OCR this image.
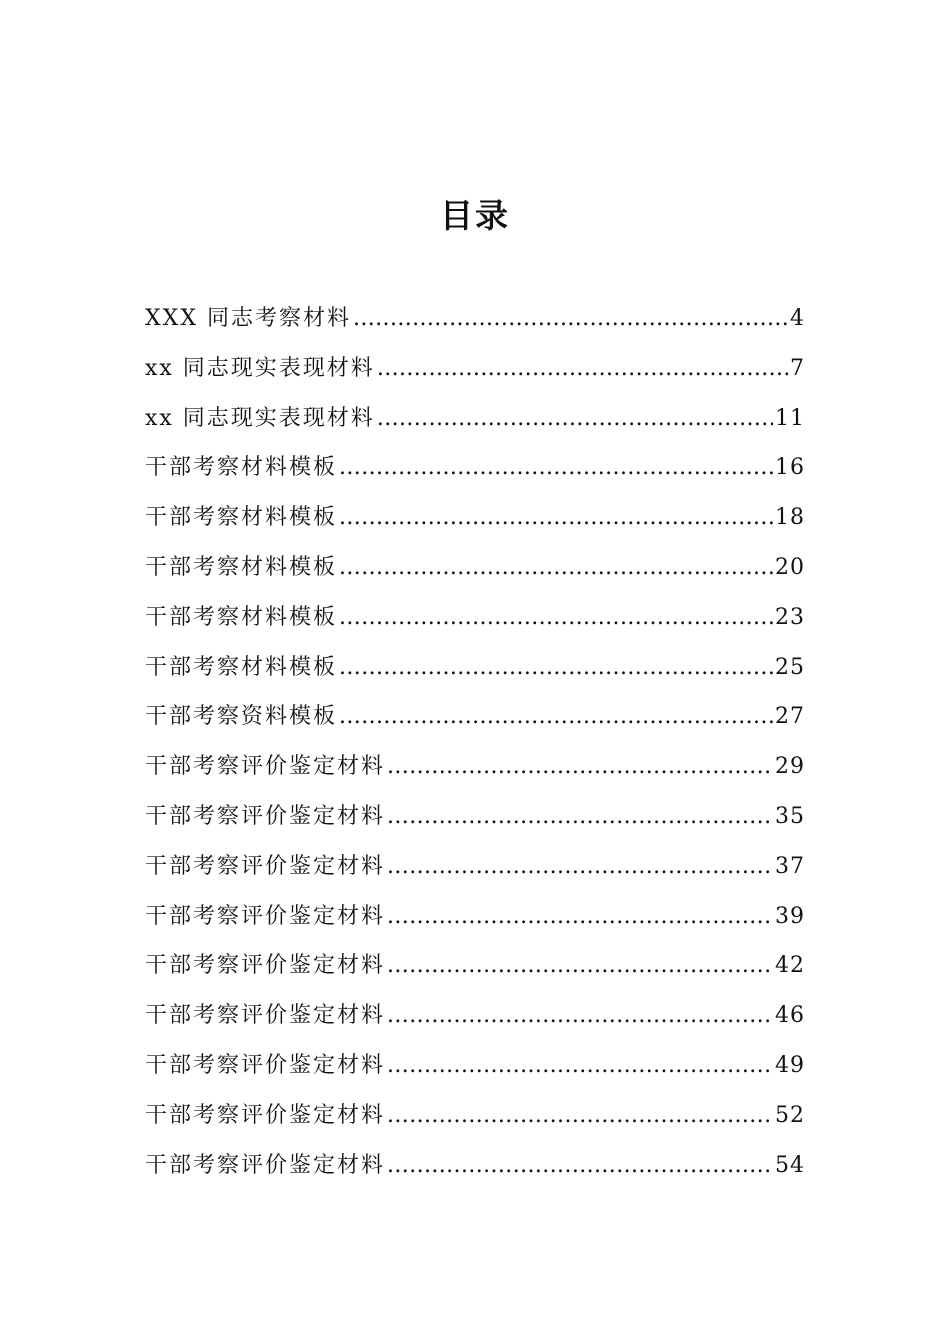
目录
XXX 同志考察材料 .....	4
xx 同志现实表现材料 .....	7
xx 同志现实表现材料 .....	11
干部考察材料模板 .....	16
干部考察材料模板 .....	18
干部考察材料模板 .....	20
干部考察材料模板 .....	23
干部考察材料模板 .....	25
干部考察资料模板 .....	27
干部考察评价鉴定材料 .....	29
干部考察评价鉴定材料 .....	35
干部考察评价鉴定材料 .....	37
干部考察评价鉴定材料 .....	39
干部考察评价鉴定材料 .....	42
干部考察评价鉴定材料 .....	46
干部考察评价鉴定材料 .....	49
干部考察评价鉴定材料 .....	52
干部考察评价鉴定材料 .....	54
